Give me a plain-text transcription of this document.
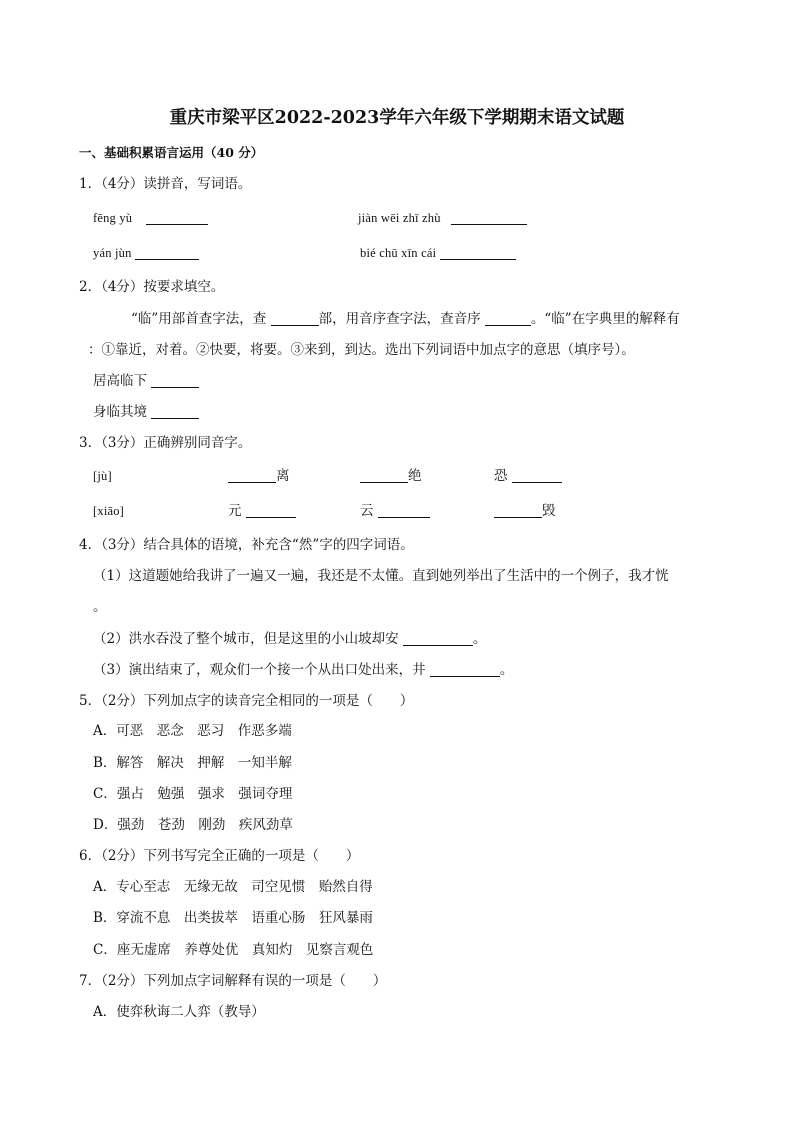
重庆市梁平区2022-2023学年六年级下学期期末语文试题
一、基础积累语言运用（40 分）
1．（4分）读拼音，写词语。
fēng yù	jiàn wēi zhī zhù
yán jùn	bié chū xīn cái
2．（4分）按要求填空。
“临”用部首查字法，查	部，用音序查字法，查音序	。“临”在字典里的解释有
：①靠近，对着。②快要，将要。③来到，到达。选出下列词语中加点字的意思（填序号）。
居高临下
身临其境
3．（3分）正确辨别同音字。
[jù]	离	绝	恐
[xiāo]	元	云	毁
4．（3分）结合具体的语境，补充含“然”字的四字词语。
（1）这道题她给我讲了一遍又一遍，我还是不太懂。直到她列举出了生活中的一个例子，我才恍
。
（2）洪水吞没了整个城市，但是这里的小山坡却安	。
（3）演出结束了，观众们一个接一个从出口处出来，井	。
5．（2分）下列加点字的读音完全相同的一项是（　　）
A．可恶　恶念　恶习　作恶多端
B．解答　解决　押解　一知半解
C．强占　勉强　强求　强词夺理
D．强劲　苍劲　刚劲　疾风劲草
6．（2分）下列书写完全正确的一项是（　　）
A．专心至志　无缘无故　司空见惯　贻然自得
B．穿流不息　出类拔萃　语重心肠　狂风暴雨
C．座无虚席　养尊处优　真知灼　见察言观色
7．（2分）下列加点字词解释有误的一项是（　　）
A．使弈秋诲二人弈（教导）
